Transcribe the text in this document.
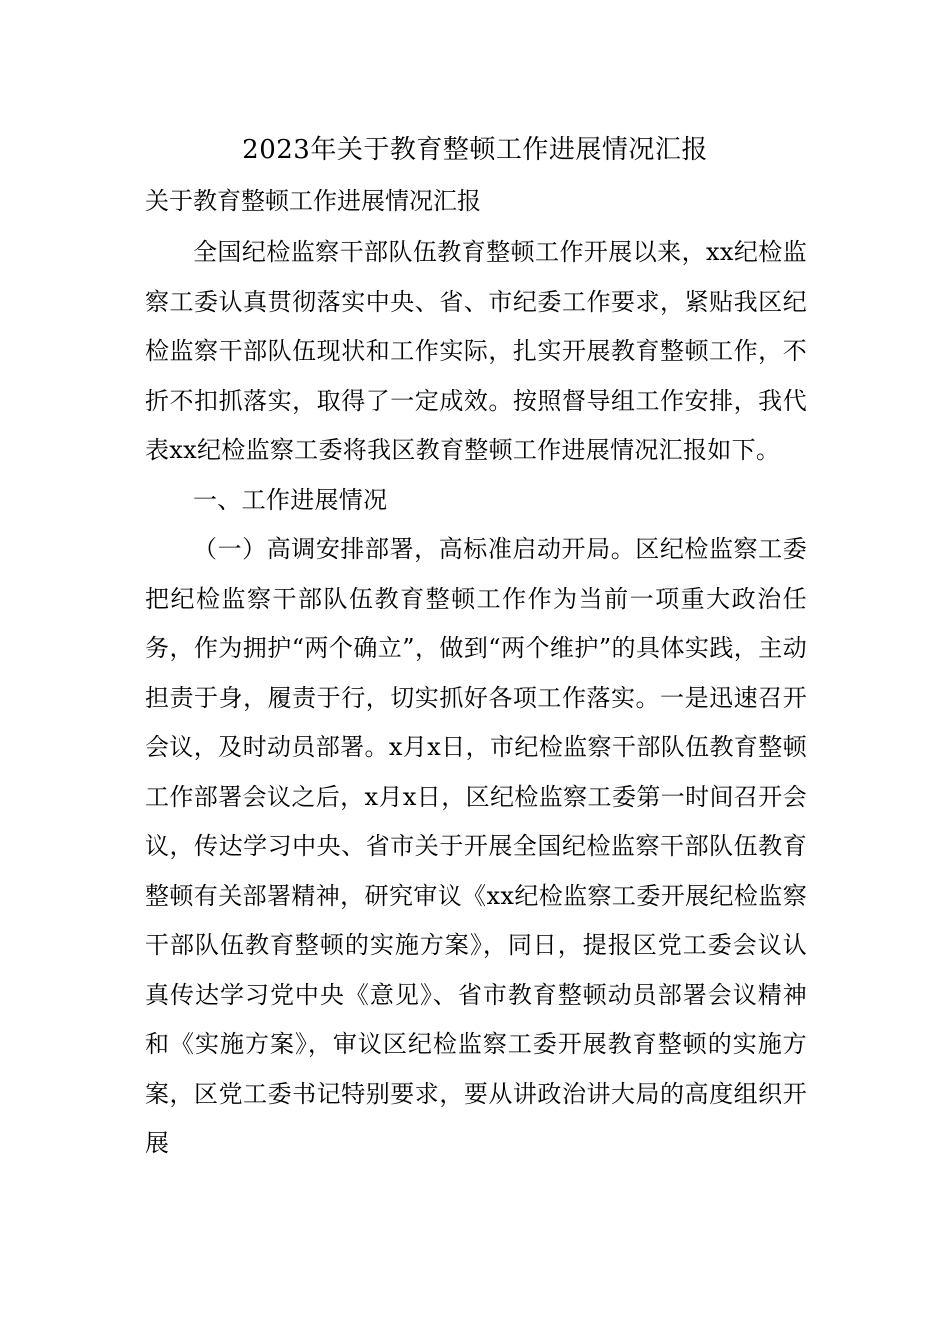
2023年关于教育整顿工作进展情况汇报

关于教育整顿工作进展情况汇报

全国纪检监察干部队伍教育整顿工作开展以来，xx纪检监察工委认真贯彻落实中央、省、市纪委工作要求，紧贴我区纪检监察干部队伍现状和工作实际，扎实开展教育整顿工作，不折不扣抓落实，取得了一定成效。按照督导组工作安排，我代表xx纪检监察工委将我区教育整顿工作进展情况汇报如下。

一、工作进展情况

（一）高调安排部署，高标准启动开局。区纪检监察工委把纪检监察干部队伍教育整顿工作作为当前一项重大政治任务，作为拥护“两个确立”，做到“两个维护”的具体实践，主动担责于身，履责于行，切实抓好各项工作落实。一是迅速召开会议，及时动员部署。x月x日，市纪检监察干部队伍教育整顿工作部署会议之后，x月x日，区纪检监察工委第一时间召开会议，传达学习中央、省市关于开展全国纪检监察干部队伍教育整顿有关部署精神，研究审议《xx纪检监察工委开展纪检监察干部队伍教育整顿的实施方案》，同日，提报区党工委会议认真传达学习党中央《意见》、省市教育整顿动员部署会议精神和《实施方案》，审议区纪检监察工委开展教育整顿的实施方案，区党工委书记特别要求，要从讲政治讲大局的高度组织开展
